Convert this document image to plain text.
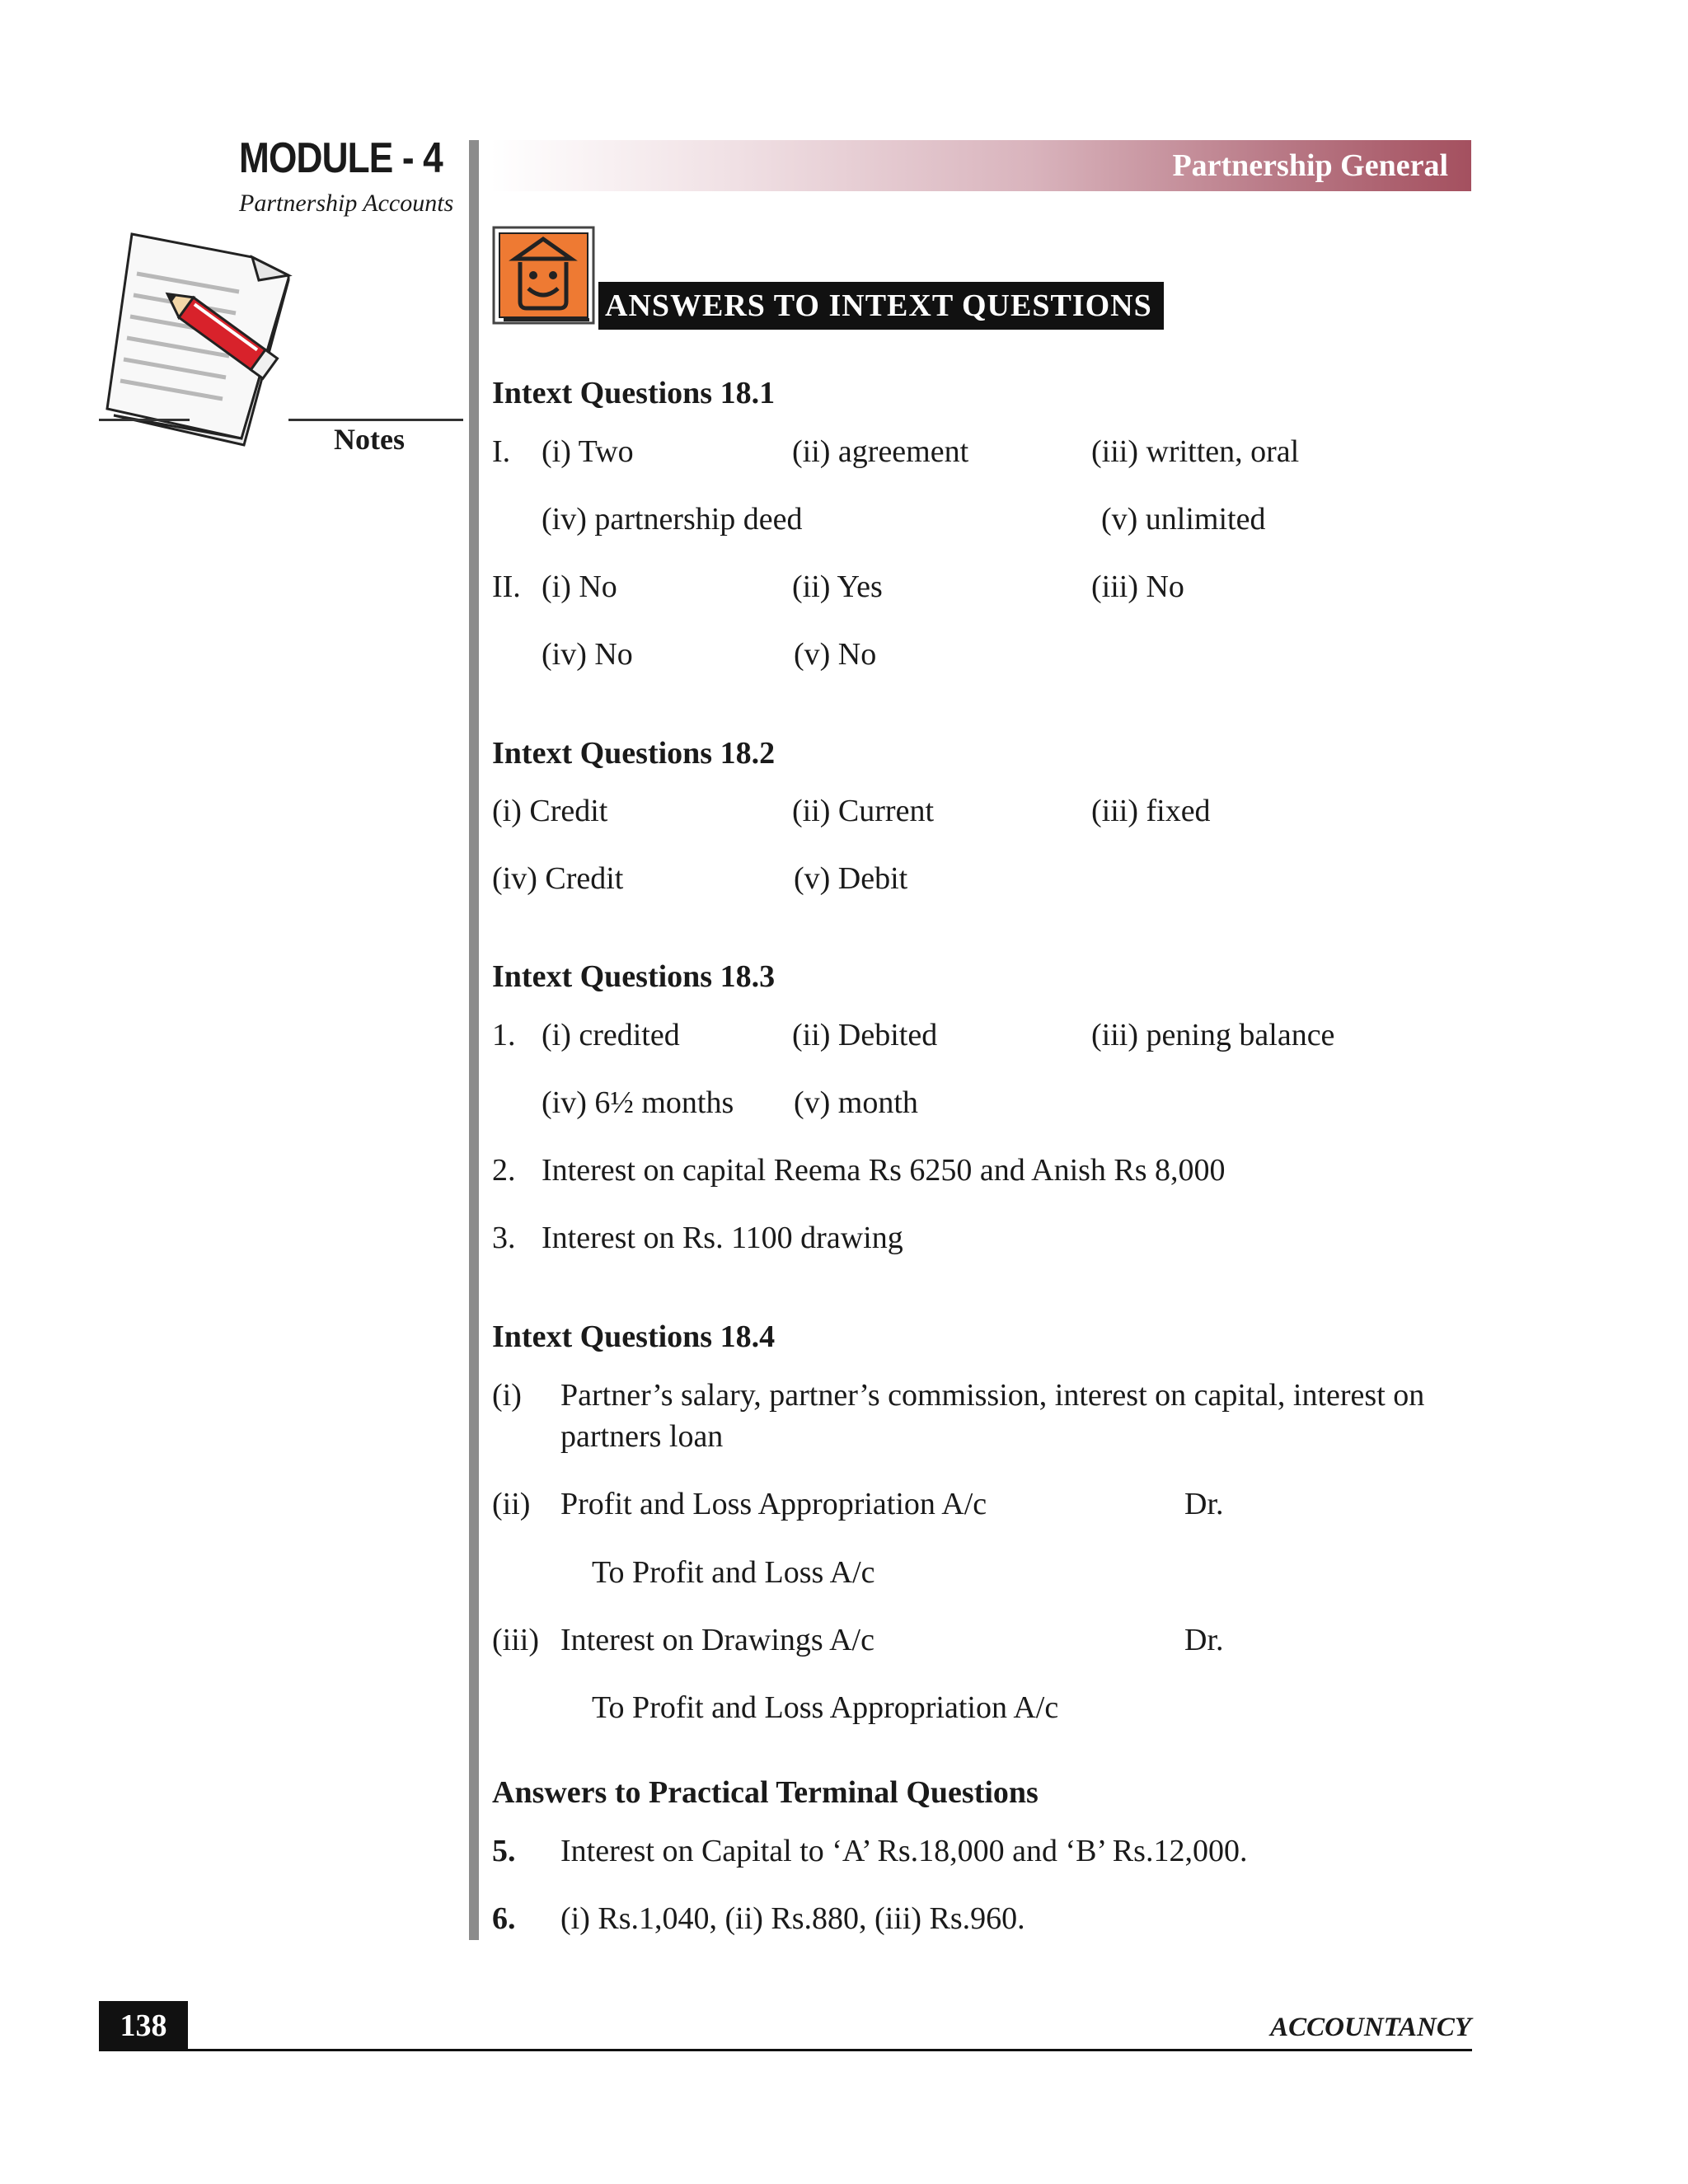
MODULE - 4
Partnership Accounts
Notes
Partnership General
ANSWERS TO INTEXT QUESTIONS
Intext Questions 18.1
I. (i) Two	(ii) agreement	(iii) written, oral
(iv) partnership deed	(v) unlimited
II. (i) No	(ii) Yes	(iii) No
(iv) No	(v) No
Intext Questions 18.2
(i) Credit	(ii) Current	(iii) fixed
(iv) Credit	(v) Debit
Intext Questions 18.3
1. (i) credited	(ii) Debited	(iii) pening balance
(iv) 6½ months (v) month
2. Interest on capital Reema Rs 6250 and Anish Rs 8,000
3. Interest on Rs. 1100 drawing
Intext Questions 18.4
(i) Partner’s salary, partner’s commission, interest on capital, interest on
partners loan
(ii) Profit and Loss Appropriation A/c	Dr.
To Profit and Loss A/c
(iii) Interest on Drawings A/c	Dr.
To Profit and Loss Appropriation A/c
Answers to Practical Terminal Questions
5. Interest on Capital to ‘A’ Rs.18,000 and ‘B’ Rs.12,000.
6. (i) Rs.1,040, (ii) Rs.880, (iii) Rs.960.
138	ACCOUNTANCY
